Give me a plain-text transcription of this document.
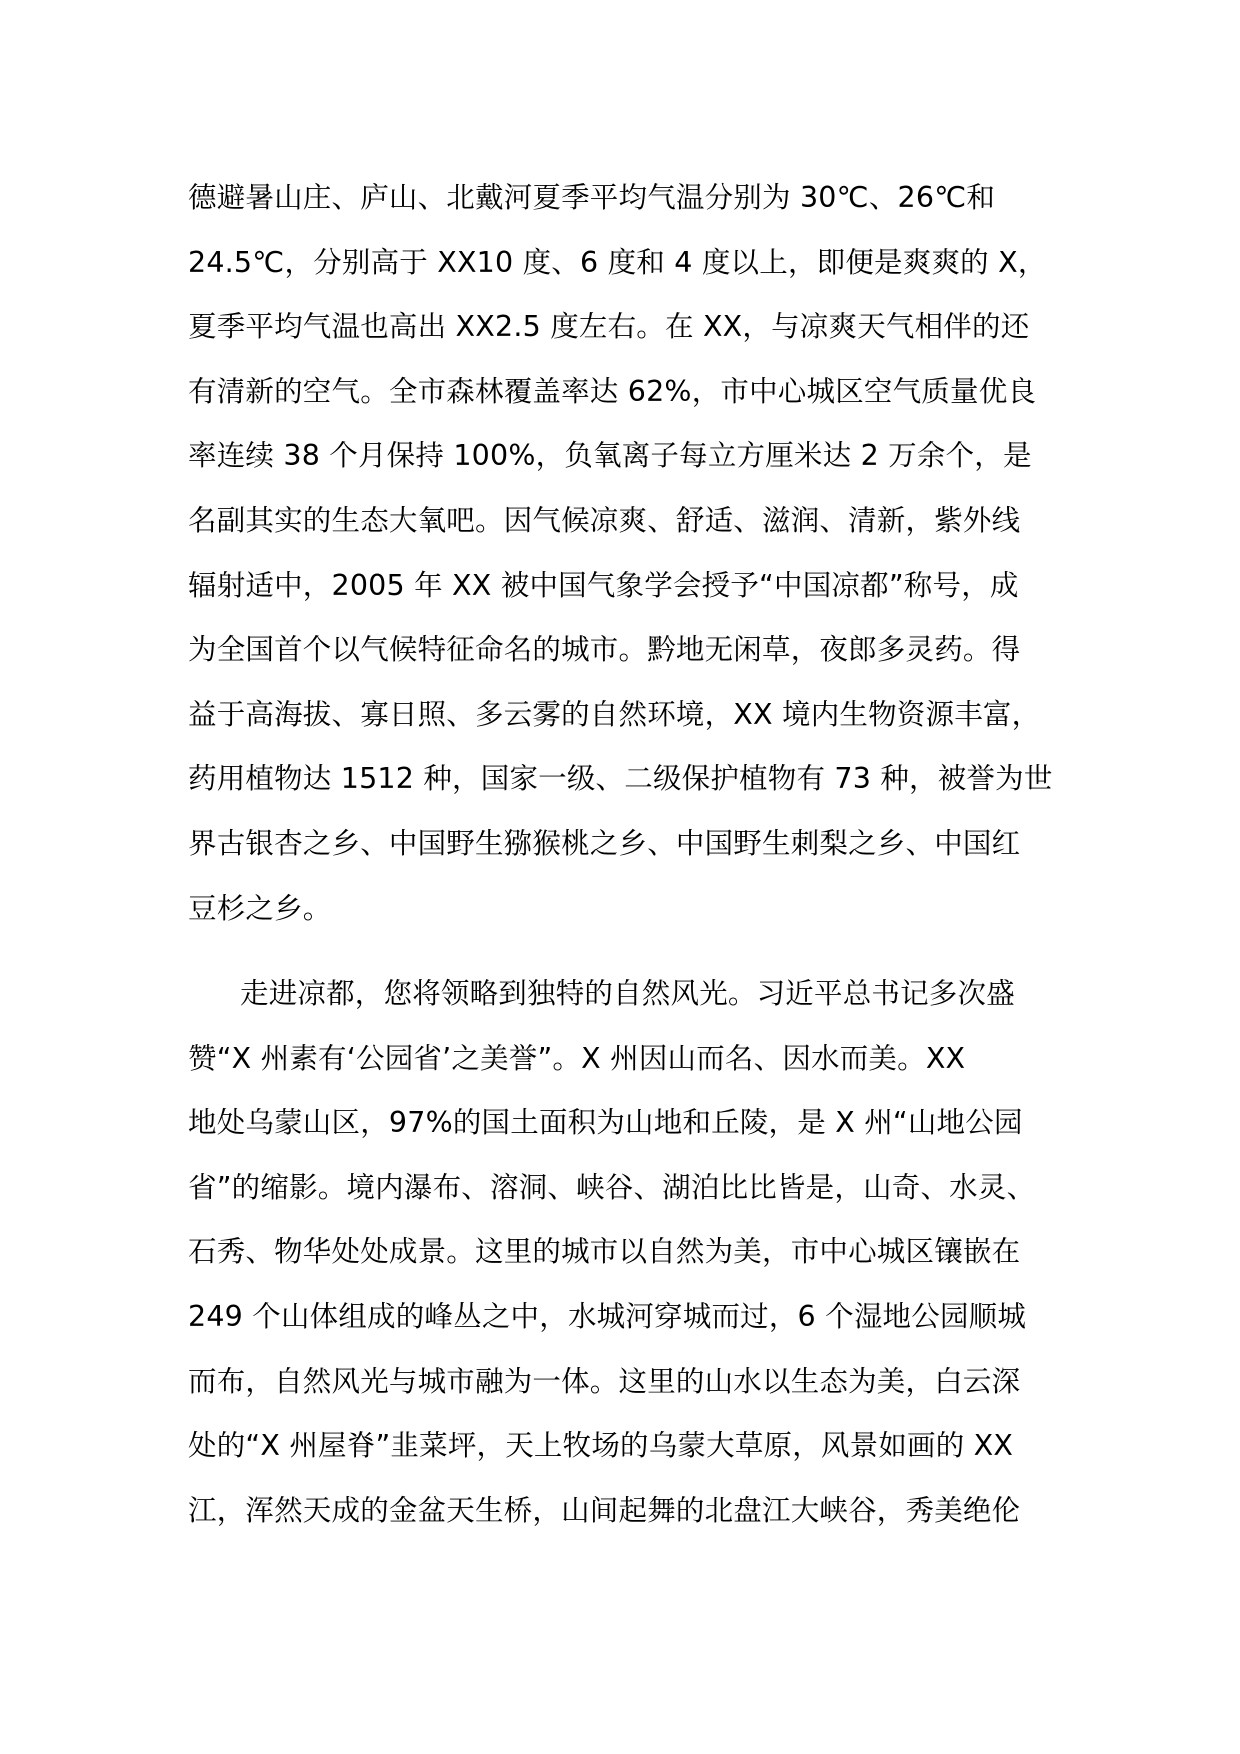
德避暑山庄、庐山、北戴河夏季平均气温分别为 30℃、26℃和
24.5℃，分别高于 XX10 度、6 度和 4 度以上，即便是爽爽的 X，
夏季平均气温也高出 XX2.5 度左右。在 XX，与凉爽天气相伴的还
有清新的空气。全市森林覆盖率达 62%，市中心城区空气质量优良
率连续 38 个月保持 100%，负氧离子每立方厘米达 2 万余个，是
名副其实的生态大氧吧。因气候凉爽、舒适、滋润、清新，紫外线
辐射适中，2005 年 XX 被中国气象学会授予“中国凉都”称号，成
为全国首个以气候特征命名的城市。黔地无闲草，夜郎多灵药。得
益于高海拔、寡日照、多云雾的自然环境，XX 境内生物资源丰富，
药用植物达 1512 种，国家一级、二级保护植物有 73 种，被誉为世
界古银杏之乡、中国野生猕猴桃之乡、中国野生刺梨之乡、中国红
豆杉之乡。
走进凉都，您将领略到独特的自然风光。习近平总书记多次盛
赞“X 州素有‘公园省’之美誉”。X 州因山而名、因水而美。XX
地处乌蒙山区，97%的国土面积为山地和丘陵，是 X 州“山地公园
省”的缩影。境内瀑布、溶洞、峡谷、湖泊比比皆是，山奇、水灵、
石秀、物华处处成景。这里的城市以自然为美，市中心城区镶嵌在
249 个山体组成的峰丛之中，水城河穿城而过，6 个湿地公园顺城
而布，自然风光与城市融为一体。这里的山水以生态为美，白云深
处的“X 州屋脊”韭菜坪，天上牧场的乌蒙大草原，风景如画的 XX
江，浑然天成的金盆天生桥，山间起舞的北盘江大峡谷，秀美绝伦
